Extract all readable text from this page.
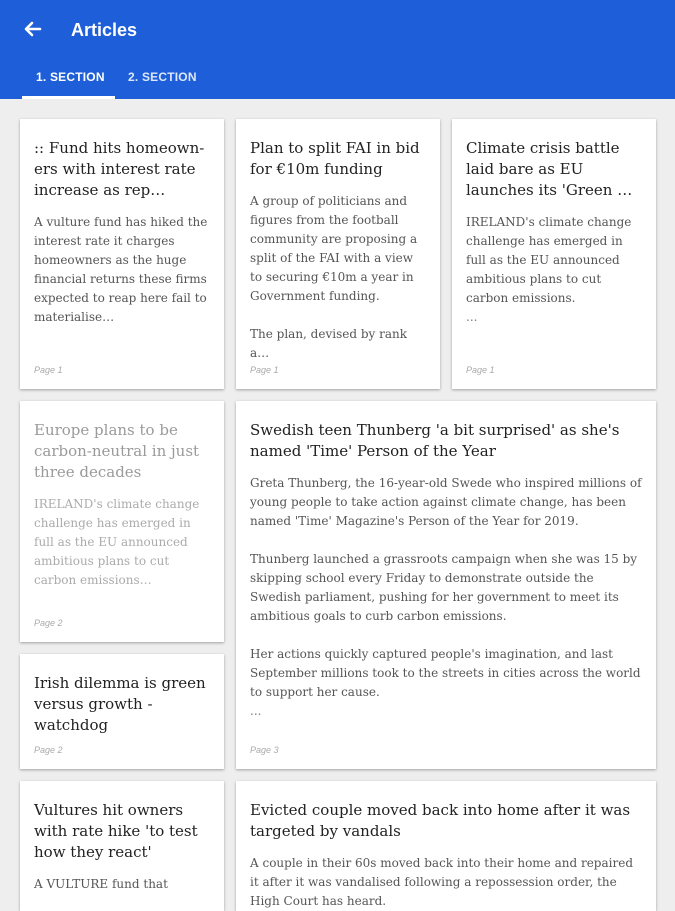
Articles
1. SECTION 2. SECTION
:: Fund hits homeown-ers with interest rate increase as rep…

A vulture fund has hiked the interest rate it charges homeowners as the huge financial returns these firms expected to reap here fail to materialise…

Page 1
Plan to split FAI in bid for €10m funding

A group of politicians and figures from the football community are proposing a split of the FAI with a view to securing €10m a year in Government funding.

The plan, devised by rank a…

Page 1
Climate crisis battle laid bare as EU launches its 'Green …

IRELAND's climate change challenge has emerged in full as the EU announced ambitious plans to cut carbon emissions.

...
Page 1
Europe plans to be carbon-neutral in just three decades

IRELAND's climate change challenge has emerged in full as the EU announced ambitious plans to cut carbon emissions…

Page 2
Swedish teen Thunberg 'a bit surprised' as she's named 'Time' Person of the Year

Greta Thunberg, the 16-year-old Swede who inspired millions of young people to take action against climate change, has been named 'Time' Magazine's Person of the Year for 2019.

Thunberg launched a grassroots campaign when she was 15 by skipping school every Friday to demonstrate outside the Swedish parliament, pushing for her government to meet its ambitious goals to curb carbon emissions.

Her actions quickly captured people's imagination, and last September millions took to the streets in cities across the world to support her cause.

...
Page 3
Irish dilemma is green versus growth - watchdog
Page 2
Vultures hit owners with rate hike 'to test how they react'

A VULTURE fund that

Evicted couple moved back into home after it was targeted by vandals

A couple in their 60s moved back into their home and repaired it after it was vandalised following a repossession order, the High Court has heard.
